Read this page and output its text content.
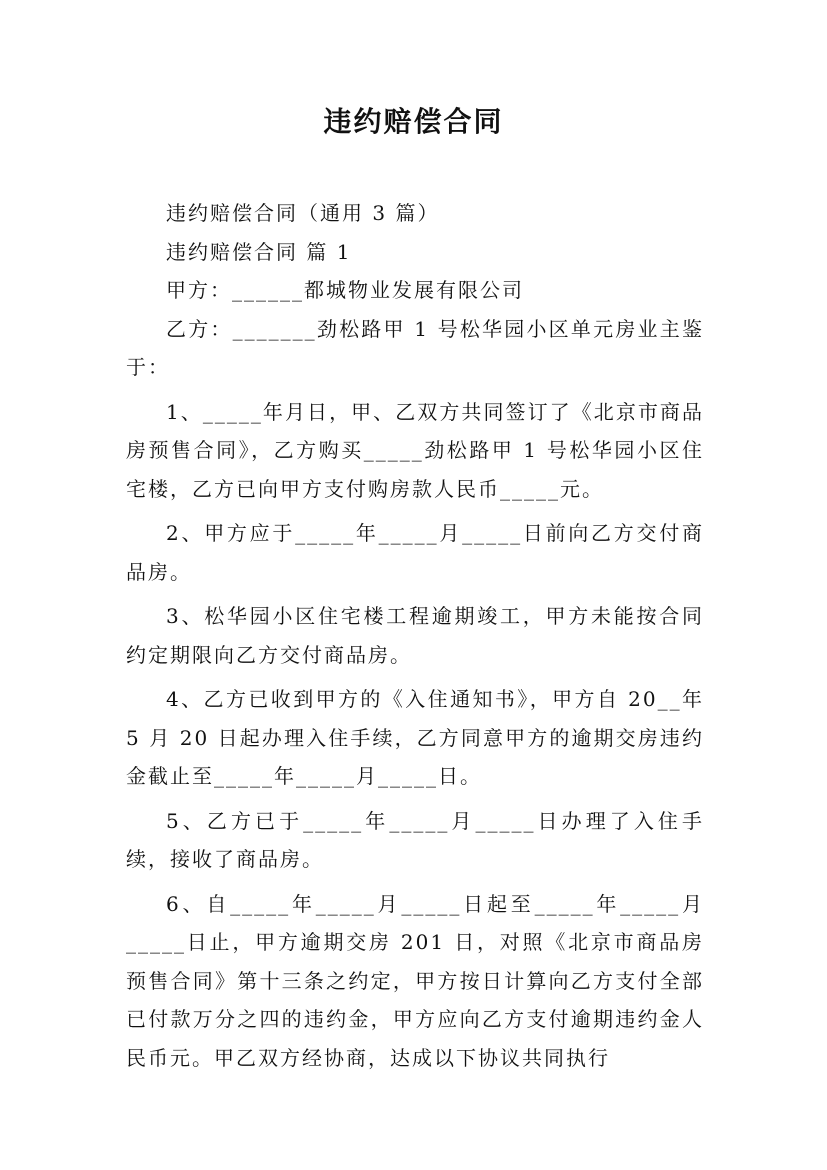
违约赔偿合同

违约赔偿合同（通用 3 篇）

违约赔偿合同 篇 1

甲方：______都城物业发展有限公司

乙方：_______劲松路甲 1 号松华园小区单元房业主鉴于：

1、_____年月日，甲、乙双方共同签订了《北京市商品房预售合同》，乙方购买_____劲松路甲 1 号松华园小区住宅楼，乙方已向甲方支付购房款人民币_____元。

2、甲方应于_____年_____月_____日前向乙方交付商品房。

3、松华园小区住宅楼工程逾期竣工，甲方未能按合同约定期限向乙方交付商品房。

4、乙方已收到甲方的《入住通知书》，甲方自 20__年 5 月 20 日起办理入住手续，乙方同意甲方的逾期交房违约金截止至_____年_____月_____日。

5、乙方已于_____年_____月_____日办理了入住手续，接收了商品房。

6、自_____年_____月_____日起至_____年_____月_____日止，甲方逾期交房 201 日，对照《北京市商品房预售合同》第十三条之约定，甲方按日计算向乙方支付全部已付款万分之四的违约金，甲方应向乙方支付逾期违约金人民币元。甲乙双方经协商，达成以下协议共同执行
